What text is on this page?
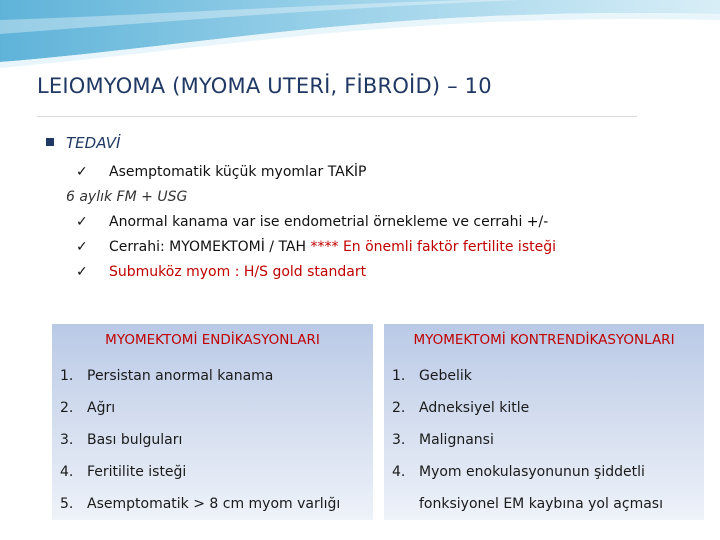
LEIOMYOMA (MYOMA UTERİ, FİBROİD) – 10
TEDAVİ
✓ Asemptomatik küçük myomlar TAKİP
6 aylık FM + USG
✓ Anormal kanama var ise endometrial örnekleme ve cerrahi +/-
✓ Cerrahi: MYOMEKTOMİ / TAH **** En önemli faktör fertilite isteği
✓ Submuköz myom : H/S gold standart
MYOMEKTOMİ ENDİKASYONLARI
1. Persistan anormal kanama
2. Ağrı
3. Bası bulguları
4. Feritilite isteği
5. Asemptomatik > 8 cm myom varlığı
MYOMEKTOMİ KONTRENDİKASYONLARI
1. Gebelik
2. Adneksiyel kitle
3. Malignansi
4. Myom enokulasyonunun şiddetli
fonksiyonel EM kaybına yol açması
